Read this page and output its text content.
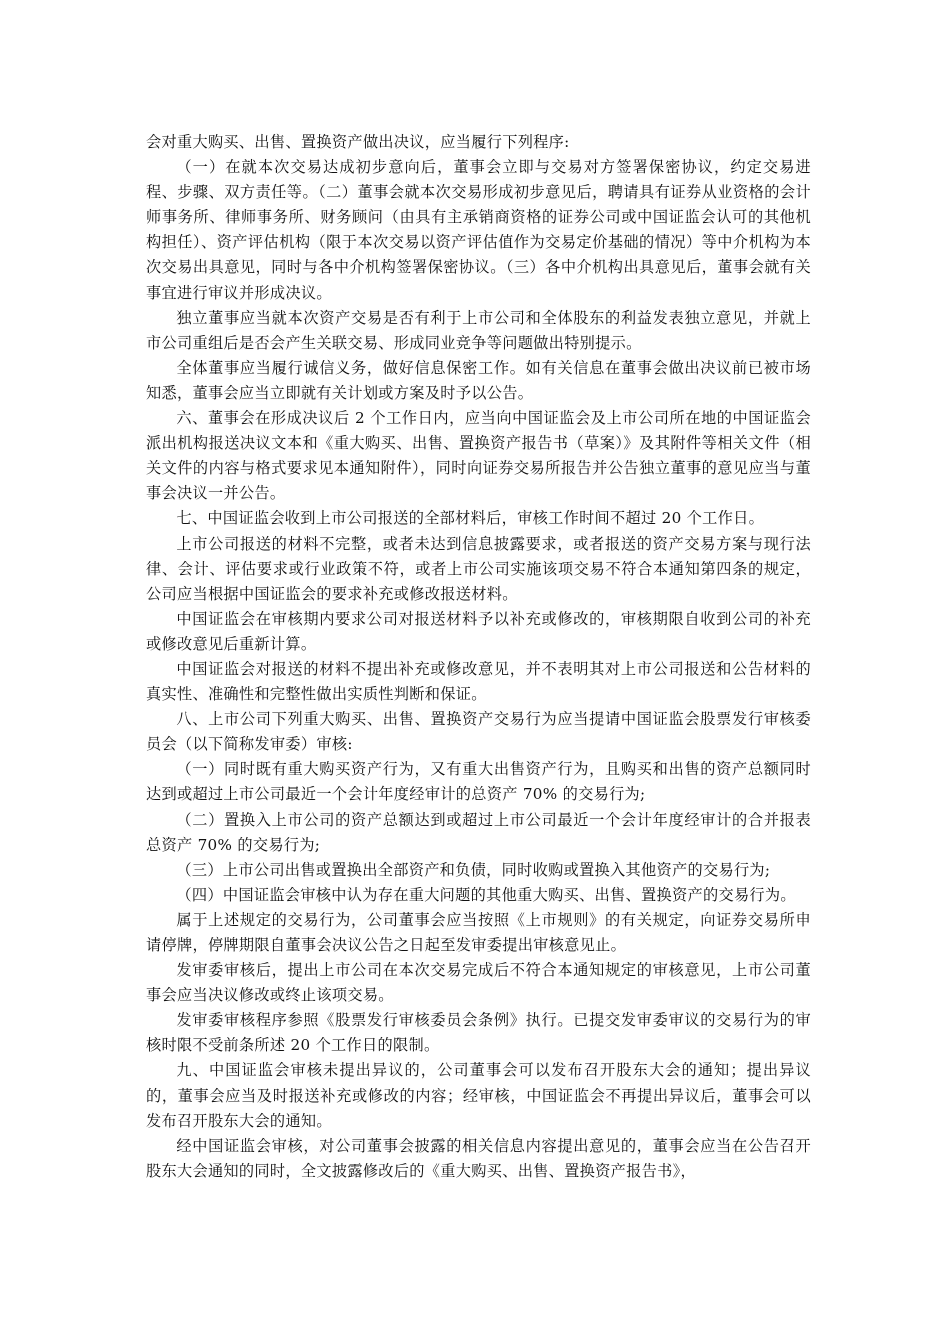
会对重大购买、出售、置换资产做出决议，应当履行下列程序:

（一）在就本次交易达成初步意向后，董事会立即与交易对方签署保密协议，约定交易进程、步骤、双方责任等。（二）董事会就本次交易形成初步意见后，聘请具有证券从业资格的会计师事务所、律师事务所、财务顾问（由具有主承销商资格的证券公司或中国证监会认可的其他机构担任）、资产评估机构（限于本次交易以资产评估值作为交易定价基础的情况）等中介机构为本次交易出具意见，同时与各中介机构签署保密协议。（三）各中介机构出具意见后，董事会就有关事宜进行审议并形成决议。

独立董事应当就本次资产交易是否有利于上市公司和全体股东的利益发表独立意见，并就上市公司重组后是否会产生关联交易、形成同业竞争等问题做出特别提示。

全体董事应当履行诚信义务，做好信息保密工作。如有关信息在董事会做出决议前已被市场知悉，董事会应当立即就有关计划或方案及时予以公告。

六、董事会在形成决议后 2 个工作日内，应当向中国证监会及上市公司所在地的中国证监会派出机构报送决议文本和《重大购买、出售、置换资产报告书（草案）》及其附件等相关文件（相关文件的内容与格式要求见本通知附件），同时向证券交易所报告并公告独立董事的意见应当与董事会决议一并公告。

七、中国证监会收到上市公司报送的全部材料后，审核工作时间不超过 20 个工作日。

上市公司报送的材料不完整，或者未达到信息披露要求，或者报送的资产交易方案与现行法律、会计、评估要求或行业政策不符，或者上市公司实施该项交易不符合本通知第四条的规定，公司应当根据中国证监会的要求补充或修改报送材料。

中国证监会在审核期内要求公司对报送材料予以补充或修改的，审核期限自收到公司的补充或修改意见后重新计算。

中国证监会对报送的材料不提出补充或修改意见，并不表明其对上市公司报送和公告材料的真实性、准确性和完整性做出实质性判断和保证。

八、上市公司下列重大购买、出售、置换资产交易行为应当提请中国证监会股票发行审核委员会（以下简称发审委）审核:

（一）同时既有重大购买资产行为，又有重大出售资产行为，且购买和出售的资产总额同时达到或超过上市公司最近一个会计年度经审计的总资产 70% 的交易行为;

（二）置换入上市公司的资产总额达到或超过上市公司最近一个会计年度经审计的合并报表总资产 70% 的交易行为;

（三）上市公司出售或置换出全部资产和负债，同时收购或置换入其他资产的交易行为;

（四）中国证监会审核中认为存在重大问题的其他重大购买、出售、置换资产的交易行为。

属于上述规定的交易行为，公司董事会应当按照《上市规则》的有关规定，向证券交易所申请停牌，停牌期限自董事会决议公告之日起至发审委提出审核意见止。

发审委审核后，提出上市公司在本次交易完成后不符合本通知规定的审核意见，上市公司董事会应当决议修改或终止该项交易。

发审委审核程序参照《股票发行审核委员会条例》执行。已提交发审委审议的交易行为的审核时限不受前条所述 20 个工作日的限制。

九、中国证监会审核未提出异议的，公司董事会可以发布召开股东大会的通知；提出异议的，董事会应当及时报送补充或修改的内容；经审核，中国证监会不再提出异议后，董事会可以发布召开股东大会的通知。

经中国证监会审核，对公司董事会披露的相关信息内容提出意见的，董事会应当在公告召开股东大会通知的同时，全文披露修改后的《重大购买、出售、置换资产报告书》，
